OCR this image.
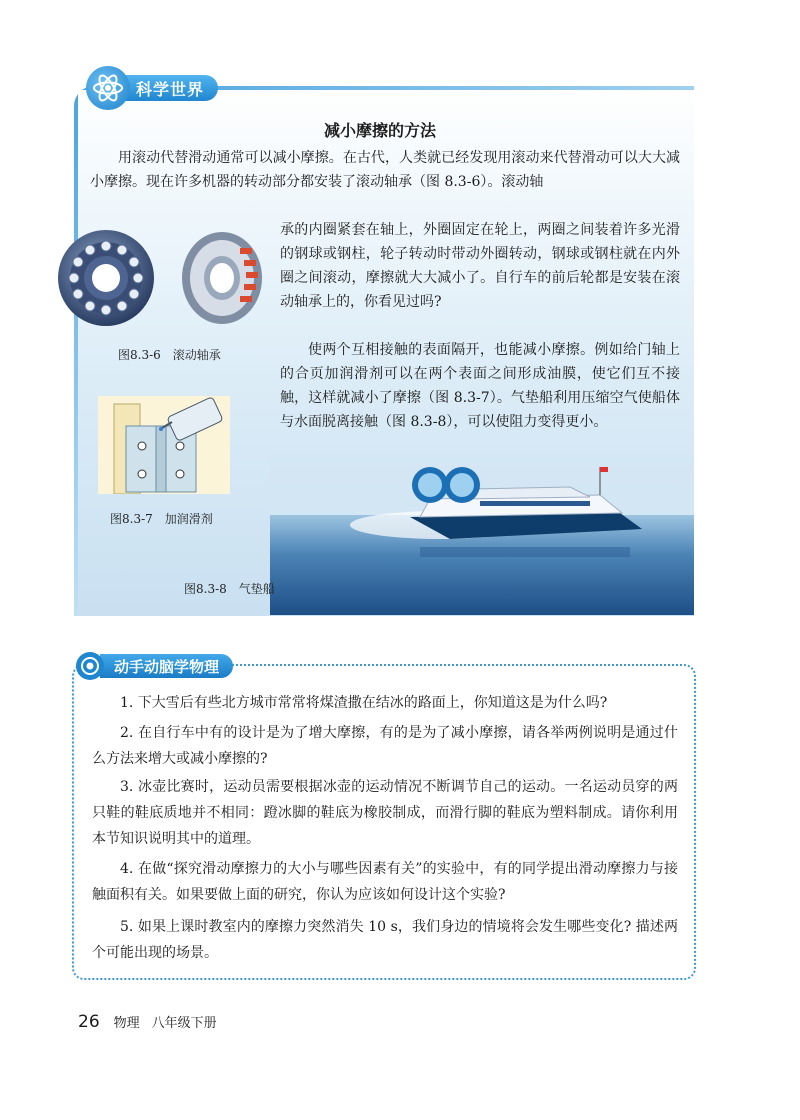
科学世界
减小摩擦的方法
用滚动代替滑动通常可以减小摩擦。在古代，人类就已经发现用滚动来代替滑动可以大大减小摩擦。现在许多机器的转动部分都安装了滚动轴承（图 8.3-6）。滚动轴
承的内圈紧套在轴上，外圈固定在轮上，两圈之间装着许多光滑的钢球或钢柱，轮子转动时带动外圈转动，钢球或钢柱就在内外圈之间滚动，摩擦就大大减小了。自行车的前后轮都是安装在滚动轴承上的，你看见过吗?
使两个互相接触的表面隔开，也能减小摩擦。例如给门轴上的合页加润滑剂可以在两个表面之间形成油膜，使它们互不接触，这样就减小了摩擦（图 8.3-7）。气垫船利用压缩空气使船体与水面脱离接触（图 8.3-8），可以使阻力变得更小。
图8.3-6　滚动轴承
图8.3-7　加润滑剂
图8.3-8　气垫船
动手动脑学物理
1. 下大雪后有些北方城市常常将煤渣撒在结冰的路面上，你知道这是为什么吗?
2. 在自行车中有的设计是为了增大摩擦，有的是为了减小摩擦，请各举两例说明是通过什么方法来增大或减小摩擦的?
3. 冰壶比赛时，运动员需要根据冰壶的运动情况不断调节自己的运动。一名运动员穿的两只鞋的鞋底质地并不相同：蹬冰脚的鞋底为橡胶制成，而滑行脚的鞋底为塑料制成。请你利用本节知识说明其中的道理。
4. 在做“探究滑动摩擦力的大小与哪些因素有关”的实验中，有的同学提出滑动摩擦力与接触面积有关。如果要做上面的研究，你认为应该如何设计这个实验?
5. 如果上课时教室内的摩擦力突然消失 10 s，我们身边的情境将会发生哪些变化? 描述两个可能出现的场景。
26 物理 八年级下册
